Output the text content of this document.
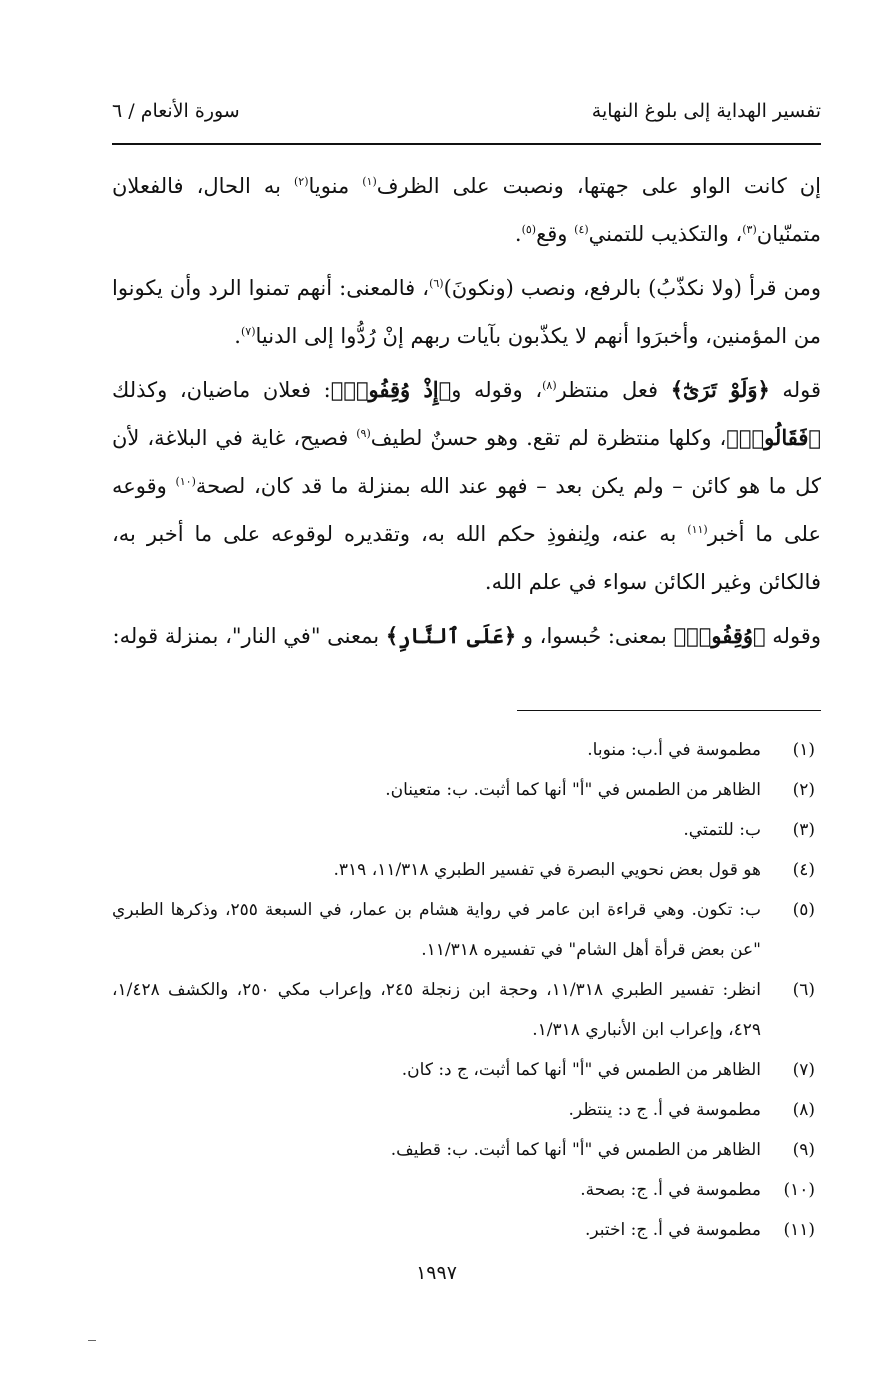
تفسير الهداية إلى بلوغ النهاية
سورة الأنعام / ٦

إن كانت الواو على جهتها، ونصبت على الظرف$^{(١)}$ منويا$^{(٢)}$ به الحال، فالفعلان متمنّيان$^{(٣)}$، والتكذيب للتمني$^{(٤)}$ وقع$^{(٥)}$.

ومن قرأ (ولا نكذّبُ) بالرفع، ونصب (ونكونَ)$^{(٦)}$، فالمعنى: أنهم تمنوا الرد وأن يكونوا من المؤمنين، وأخبرَوا أنهم لا يكذّبون بآيات ربهم إنْ رُدُّوا إلى الدنيا$^{(٧)}$.

قوله ﴿وَلَوْ تَرَىٰٓ﴾ فعل منتظر$^{(٨)}$، وقوله و﴿إِذْ وُقِفُوا۟﴾: فعلان ماضيان، وكذلك ﴿فَقَالُوا۟﴾، وكلها منتظرة لم تقع. وهو حسنٌ لطيف$^{(٩)}$ فصيح، غاية في البلاغة، لأن كل ما هو كائن – ولم يكن بعد – فهو عند الله بمنزلة ما قد كان، لصحة$^{(١٠)}$ وقوعه على ما أخبر$^{(١١)}$ به عنه، ولِنفوذِ حكم الله به، وتقديره لوقوعه على ما أخبر به، فالكائن وغير الكائن سواء في علم الله.

وقوله ﴿وُقِفُوا۟﴾ بمعنى: حُبسوا، و ﴿عَلَى ٱلنَّارِ﴾ بمعنى "في النار"، بمنزلة قوله:

(١)
مطموسة في أ.ب: منوبا.
(٢)
الظاهر من الطمس في "أ" أنها كما أثبت. ب: متعينان.
(٣)
ب: للتمتي.
(٤)
هو قول بعض نحويي البصرة في تفسير الطبري ١١/٣١٨، ٣١٩.
(٥)
ب: تكون. وهي قراءة ابن عامر في رواية هشام بن عمار، في السبعة ٢٥٥، وذكرها الطبري "عن بعض قرأة أهل الشام" في تفسيره ١١/٣١٨.
(٦)
انظر: تفسير الطبري ١١/٣١٨، وحجة ابن زنجلة ٢٤٥، وإعراب مكي ٢٥٠، والكشف ١/٤٢٨، ٤٢٩، وإعراب ابن الأنباري ١/٣١٨.
(٧)
الظاهر من الطمس في "أ" أنها كما أثبت، ج د: كان.
(٨)
مطموسة في أ. ج د: ينتظر.
(٩)
الظاهر من الطمس في "أ" أنها كما أثبت. ب: قطيف.
(١٠)
مطموسة في أ. ج: بصحة.
(١١)
مطموسة في أ. ج: اختبر.
١٩٩٧
